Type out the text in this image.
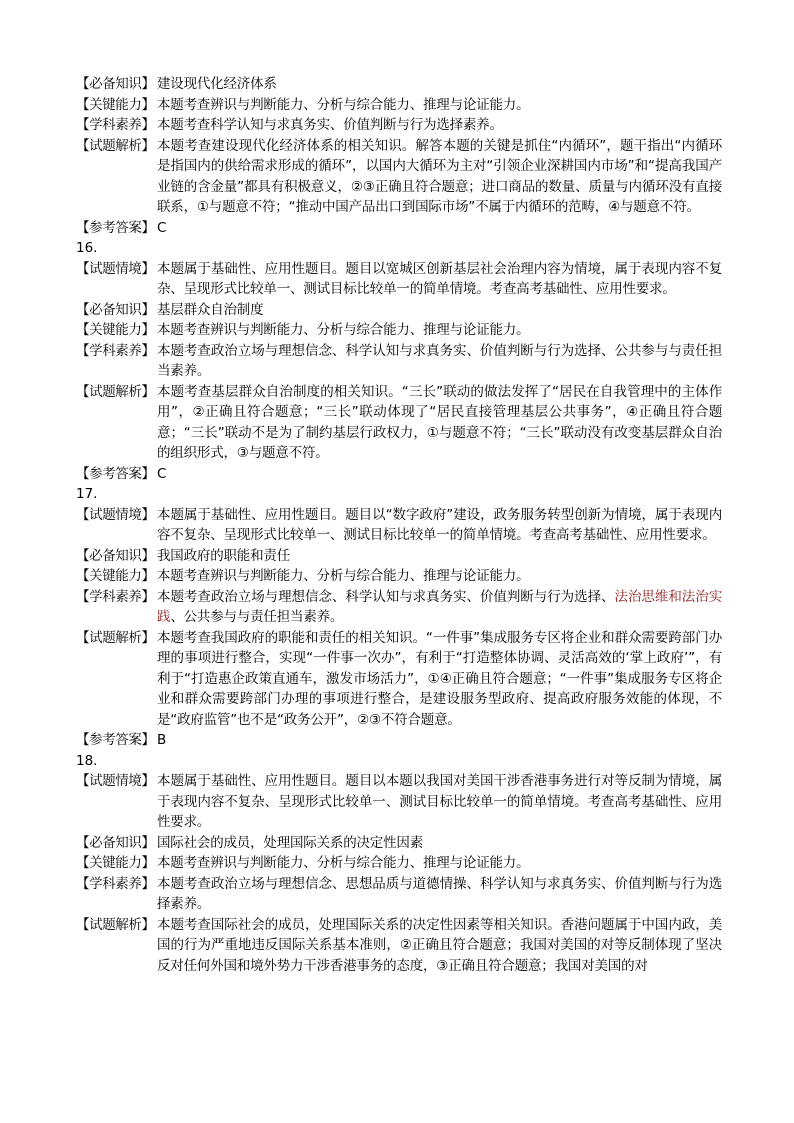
【必备知识】 建设现代化经济体系
【关键能力】 本题考查辨识与判断能力、分析与综合能力、推理与论证能力。
【学科素养】 本题考查科学认知与求真务实、价值判断与行为选择素养。
【试题解析】 本题考查建设现代化经济体系的相关知识。解答本题的关键是抓住“内循环”，题干指出“内循环是指国内的供给需求形成的循环”，以国内大循环为主对“引领企业深耕国内市场”和“提高我国产业链的含金量”都具有积极意义，②③正确且符合题意；进口商品的数量、质量与内循环没有直接联系，①与题意不符；“推动中国产品出口到国际市场”不属于内循环的范畴，④与题意不符。
【参考答案】 C
16.
【试题情境】 本题属于基础性、应用性题目。题目以宽城区创新基层社会治理内容为情境，属于表现内容不复杂、呈现形式比较单一、测试目标比较单一的简单情境。考查高考基础性、应用性要求。
【必备知识】 基层群众自治制度
【关键能力】 本题考查辨识与判断能力、分析与综合能力、推理与论证能力。
【学科素养】 本题考查政治立场与理想信念、科学认知与求真务实、价值判断与行为选择、公共参与与责任担当素养。
【试题解析】 本题考查基层群众自治制度的相关知识。“三长”联动的做法发挥了“居民在自我管理中的主体作用”，②正确且符合题意；“三长”联动体现了“居民直接管理基层公共事务”，④正确且符合题意；“三长”联动不是为了制约基层行政权力，①与题意不符；“三长”联动没有改变基层群众自治的组织形式，③与题意不符。
【参考答案】 C
17.
【试题情境】 本题属于基础性、应用性题目。题目以“数字政府”建设，政务服务转型创新为情境，属于表现内容不复杂、呈现形式比较单一、测试目标比较单一的简单情境。考查高考基础性、应用性要求。
【必备知识】 我国政府的职能和责任
【关键能力】 本题考查辨识与判断能力、分析与综合能力、推理与论证能力。
【学科素养】 本题考查政治立场与理想信念、科学认知与求真务实、价值判断与行为选择、法治思维和法治实践、公共参与与责任担当素养。
【试题解析】 本题考查我国政府的职能和责任的相关知识。“一件事”集成服务专区将企业和群众需要跨部门办理的事项进行整合，实现“一件事一次办”，有利于“打造整体协调、灵活高效的‘掌上政府’”，有利于“打造惠企政策直通车，激发市场活力”，①④正确且符合题意；“一件事”集成服务专区将企业和群众需要跨部门办理的事项进行整合，是建设服务型政府、提高政府服务效能的体现，不是“政府监管”也不是“政务公开”，②③不符合题意。
【参考答案】 B
18.
【试题情境】 本题属于基础性、应用性题目。题目以本题以我国对美国干涉香港事务进行对等反制为情境，属于表现内容不复杂、呈现形式比较单一、测试目标比较单一的简单情境。考查高考基础性、应用性要求。
【必备知识】 国际社会的成员，处理国际关系的决定性因素
【关键能力】 本题考查辨识与判断能力、分析与综合能力、推理与论证能力。
【学科素养】 本题考查政治立场与理想信念、思想品质与道德情操、科学认知与求真务实、价值判断与行为选择素养。
【试题解析】 本题考查国际社会的成员，处理国际关系的决定性因素等相关知识。香港问题属于中国内政，美国的行为严重地违反国际关系基本准则，②正确且符合题意；我国对美国的对等反制体现了坚决反对任何外国和境外势力干涉香港事务的态度，③正确且符合题意；我国对美国的对
